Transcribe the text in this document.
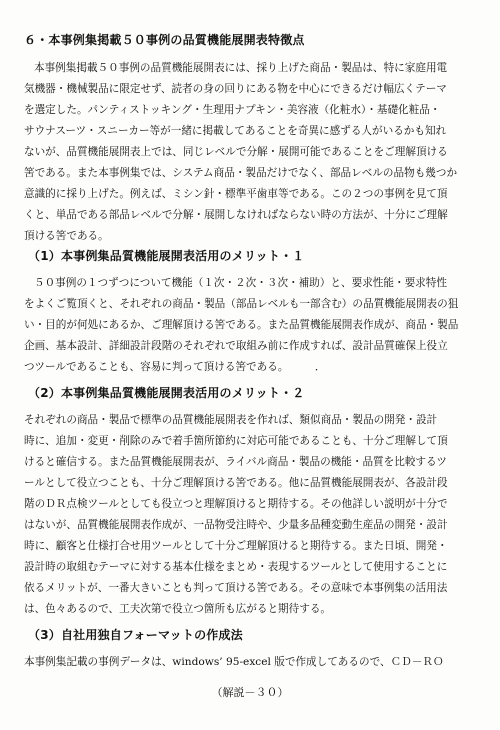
６・本事例集掲載５０事例の品質機能展開表特徴点
本事例集掲載５０事例の品質機能展開表には、採り上げた商品・製品は、特に家庭用電
気機器・機械製品に限定せず、読者の身の回りにある物を中心にできるだけ幅広くテーマ
を選定した。パンティストッキング・生理用ナプキン・美容液（化粧水）・基礎化粧品・
サウナスーツ・スニーカー等が一緒に掲載してあることを奇異に感ずる人がいるかも知れ
ないが、品質機能展開表上では、同じレベルで分解・展開可能であることをご理解頂ける
筈である。また本事例集では、システム商品・製品だけでなく、部品レベルの品物も幾つか
意識的に採り上げた。例えば、ミシン針・標準平歯車等である。この２つの事例を見て頂
くと、単品である部品レベルで分解・展開しなければならない時の方法が、十分にご理解
頂ける筈である。
（1）本事例集品質機能展開表活用のメリット・１
５０事例の１つずつについて機能（１次・２次・３次・補助）と、要求性能・要求特性
をよくご覧頂くと、それぞれの商品・製品（部品レベルも一部含む）の品質機能展開表の狙
い・目的が何処にあるか、ご理解頂ける筈である。また品質機能展開表作成が、商品・製品
企画、基本設計、詳細設計段階のそれぞれで取組み前に作成すれば、設計品質確保上役立
つツールであることも、容易に判って頂ける筈である。　　　．
（2）本事例集品質機能展開表活用のメリット・２
それぞれの商品・製品で標準の品質機能展開表を作れば、類似商品・製品の開発・設計
時に、追加・変更・削除のみで着手箇所節約に対応可能であることも、十分ご理解して頂
けると確信する。また品質機能展開表が、ライバル商品・製品の機能・品質を比較するツ
ールとして役立つことも、十分ご理解頂ける筈である。他に品質機能展開表が、各設計段
階のＤＲ点検ツールとしても役立つと理解頂けると期待する。その他詳しい説明が十分で
はないが、品質機能展開表作成が、一品物受注時や、少量多品種変動生産品の開発・設計
時に、顧客と仕様打合せ用ツールとして十分ご理解頂けると期待する。また日頃、開発・
設計時の取組むテーマに対する基本仕様をまとめ・表現するツールとして使用することに
依るメリットが、一番大きいことも判って頂ける筈である。その意味で本事例集の活用法
は、色々あるので、工夫次第で役立つ箇所も広がると期待する。
（3）自社用独自フォーマットの作成法
本事例集記載の事例データは、windows’ 95-excel 版で作成してあるので、ＣＤ－ＲＯ
（解説－３０）
